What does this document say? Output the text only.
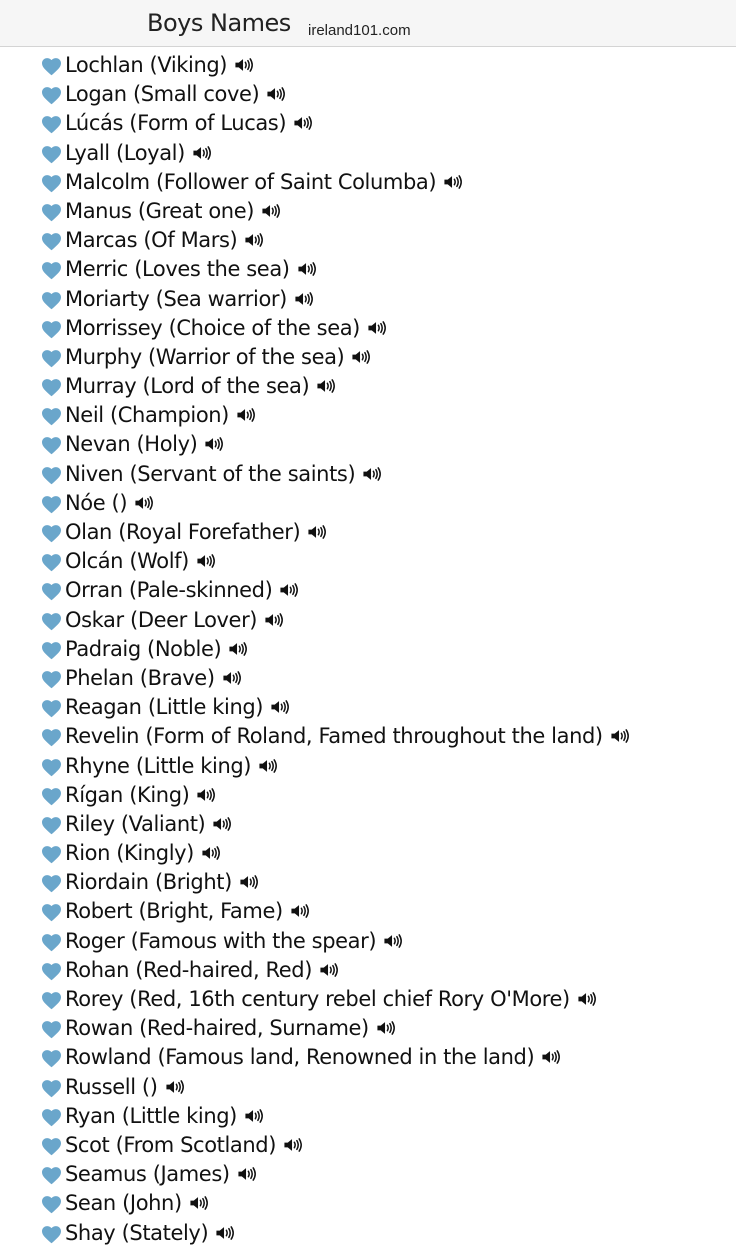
Boys Names ireland101.com
Lochlan (Viking)
Logan (Small cove)
Lúcás (Form of Lucas)
Lyall (Loyal)
Malcolm (Follower of Saint Columba)
Manus (Great one)
Marcas (Of Mars)
Merric (Loves the sea)
Moriarty (Sea warrior)
Morrissey (Choice of the sea)
Murphy (Warrior of the sea)
Murray (Lord of the sea)
Neil (Champion)
Nevan (Holy)
Niven (Servant of the saints)
Nóe ()
Olan (Royal Forefather)
Olcán (Wolf)
Orran (Pale-skinned)
Oskar (Deer Lover)
Padraig (Noble)
Phelan (Brave)
Reagan (Little king)
Revelin (Form of Roland, Famed throughout the land)
Rhyne (Little king)
Rígan (King)
Riley (Valiant)
Rion (Kingly)
Riordain (Bright)
Robert (Bright, Fame)
Roger (Famous with the spear)
Rohan (Red-haired, Red)
Rorey (Red, 16th century rebel chief Rory O'More)
Rowan (Red-haired, Surname)
Rowland (Famous land, Renowned in the land)
Russell ()
Ryan (Little king)
Scot (From Scotland)
Seamus (James)
Sean (John)
Shay (Stately)
